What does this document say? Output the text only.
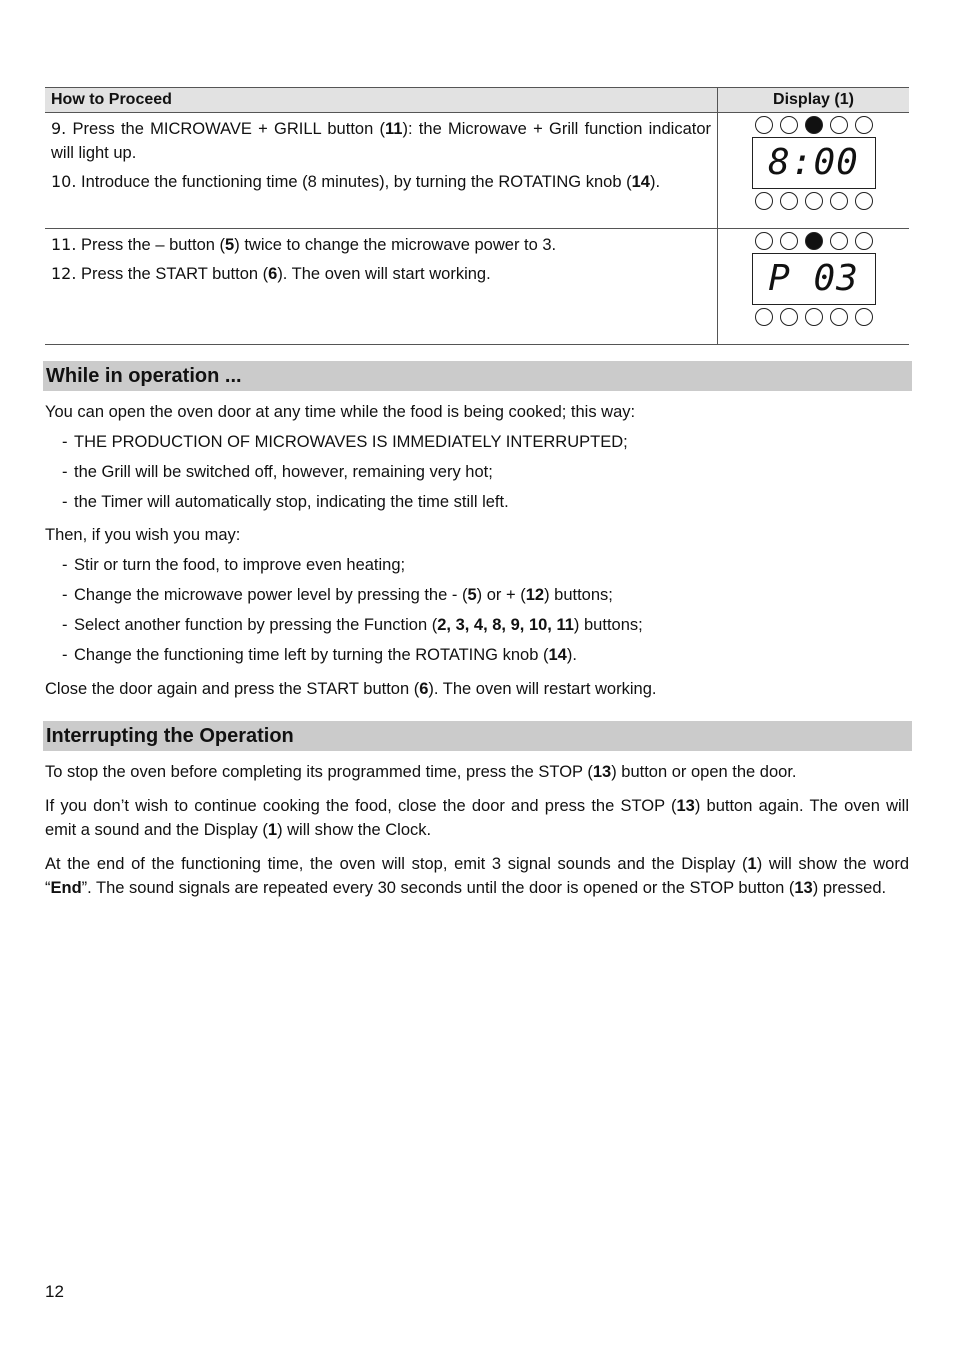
How to Proceed	Display (1)

9. Press the MICROWAVE + GRILL button (11): the Microwave + Grill function indicator will light up.
10. Introduce the functioning time (8 minutes), by turning the ROTATING knob (14).	8:00

11. Press the – button (5) twice to change the microwave power to 3.
12. Press the START button (6). The oven will start working.	P 03
While in operation ...
You can open the oven door at any time while the food is being cooked; this way:
- THE PRODUCTION OF MICROWAVES IS IMMEDIATELY INTERRUPTED;
- the Grill will be switched off, however, remaining very hot;
- the Timer will automatically stop, indicating the time still left.
Then, if you wish you may:
- Stir or turn the food, to improve even heating;
- Change the microwave power level by pressing the - (5) or + (12) buttons;
- Select another function by pressing the Function (2, 3, 4, 8, 9, 10, 11) buttons;
- Change the functioning time left by turning the ROTATING knob (14).
Close the door again and press the START button (6). The oven will restart working.
Interrupting the Operation
To stop the oven before completing its programmed time, press the STOP (13) button or open the door.
If you don’t wish to continue cooking the food, close the door and press the STOP (13) button again. The oven will emit a sound and the Display (1) will show the Clock.
At the end of the functioning time, the oven will stop, emit 3 signal sounds and the Display (1) will show the word “End”. The sound signals are repeated every 30 seconds until the door is opened or the STOP button (13) pressed.
12
